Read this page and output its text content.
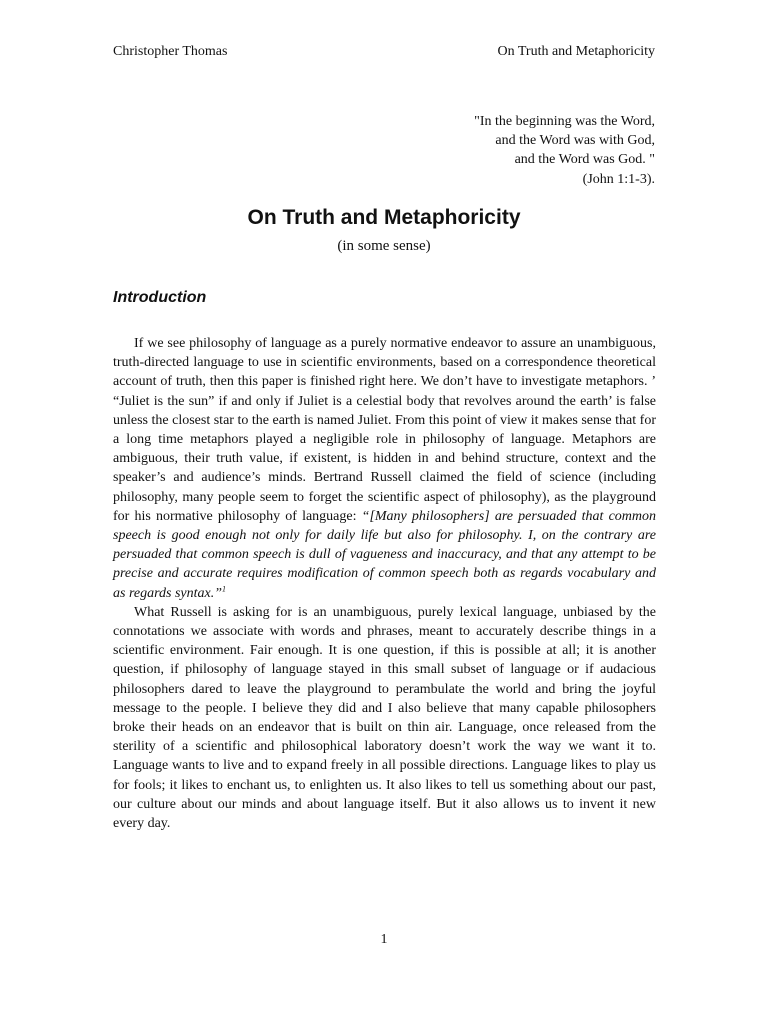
Christopher Thomas	On Truth and Metaphoricity
"In the beginning was the Word,
and the Word was with God,
and the Word was God. "
(John 1:1-3).
On Truth and Metaphoricity
(in some sense)
Introduction

If we see philosophy of language as a purely normative endeavor to assure an unambiguous, truth-directed language to use in scientific environments, based on a correspondence theoretical account of truth, then this paper is finished right here. We don’t have to investigate metaphors. ’ “Juliet is the sun” if and only if Juliet is a celestial body that revolves around the earth’ is false unless the closest star to the earth is named Juliet. From this point of view it makes sense that for a long time metaphors played a negligible role in philosophy of language. Metaphors are ambiguous, their truth value, if existent, is hidden in and behind structure, context and the speaker’s and audience’s minds. Bertrand Russell claimed the field of science (including philosophy, many people seem to forget the scientific aspect of philosophy), as the playground for his normative philosophy of language: “[Many philosophers] are persuaded that common speech is good enough not only for daily life but also for philosophy. I, on the contrary are persuaded that common speech is dull of vagueness and inaccuracy, and that any attempt to be precise and accurate requires modification of common speech both as regards vocabulary and as regards syntax.”$^1$

What Russell is asking for is an unambiguous, purely lexical language, unbiased by the connotations we associate with words and phrases, meant to accurately describe things in a scientific environment. Fair enough. It is one question, if this is possible at all; it is another question, if philosophy of language stayed in this small subset of language or if audacious philosophers dared to leave the playground to perambulate the world and bring the joyful message to the people. I believe they did and I also believe that many capable philosophers broke their heads on an endeavor that is built on thin air. Language, once released from the sterility of a scientific and philosophical laboratory doesn’t work the way we want it to. Language wants to live and to expand freely in all possible directions. Language likes to play us for fools; it likes to enchant us, to enlighten us. It also likes to tell us something about our past, our culture about our minds and about language itself. But it also allows us to invent it new every day.

1
